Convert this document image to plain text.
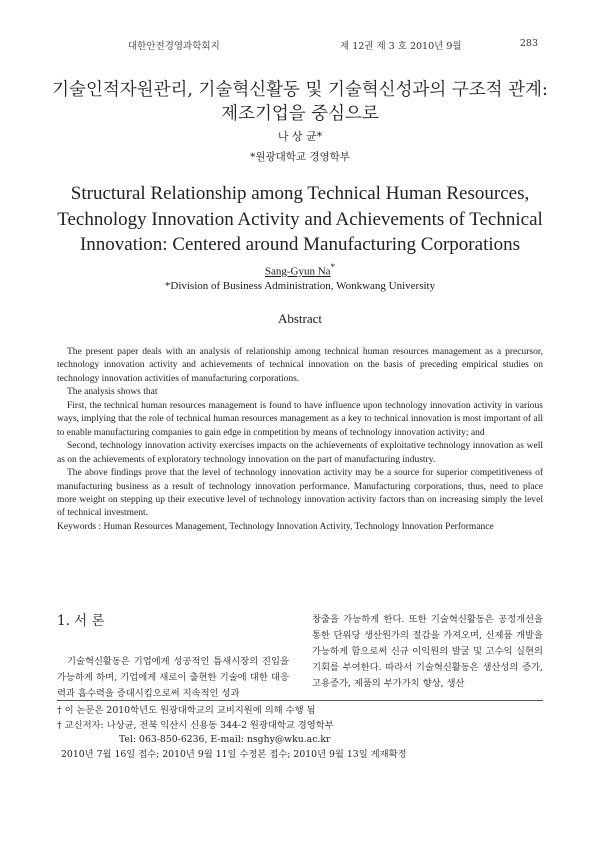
대한안전경영과학회지	제 12권 제 3 호 2010년 9월	283
기술인적자원관리, 기술혁신활동 및 기술혁신성과의 구조적 관계:
제조기업을 중심으로
나 상 균*
*원광대학교 경영학부
Structural Relationship among Technical Human Resources,
Technology Innovation Activity and Achievements of Technical
Innovation: Centered around Manufacturing Corporations
Sang-Gyun Na*
*Division of Business Administration, Wonkwang University
Abstract

The present paper deals with an analysis of relationship among technical human resources management as a precursor, technology innovation activity and achievements of technical innovation on the basis of preceding empirical studies on technology innovation activities of manufacturing corporations.

The analysis shows that

First, the technical human resources management is found to have influence upon technology innovation activity in various ways, implying that the role of technical human resources management as a key to technical innovation is most important of all to enable manufacturing companies to gain edge in competition by means of technology innovation activity; and

Second, technology innovation activity exercises impacts on the achievements of exploitative technology innovation as well as on the achievements of exploratory technology innovation on the part of manufacturing industry.

The above findings prove that the level of technology innovation activity may be a source for superior competitiveness of manufacturing business as a result of technology innovation performance. Manufacturing corporations, thus, need to place more weight on stepping up their executive level of technology innovation activity factors than on increasing simply the level of technical investment.

Keywords : Human Resources Management, Technology Innovation Activity, Technology Innovation Performance

1. 서 론

기술혁신활동은 기업에게 성공적인 틈새시장의 진입을 가능하게 하며, 기업에게 새로이 출현한 기술에 대한 대응력과 흡수력을 증대시킴으로써 지속적인 성과

창출을 가능하게 한다. 또한 기술혁신활동은 공정개선을 통한 단위당 생산원가의 절감을 가져오며, 신제품 개발을 가능하게 함으로써 신규 이익원의 발굴 및 고수익 실현의 기회를 부여한다. 따라서 기술혁신활동은 생산성의 증가, 고용증가, 제품의 부가가치 향상, 생산

† 이 논문은 2010학년도 원광대학교의 교비지원에 의해 수행 됨
† 교신저자: 나상균, 전북 익산시 신용동 344-2 원광대학교 경영학부
Tel: 063-850-6236, E-mail: nsghy@wku.ac.kr
2010년 7월 16일 접수; 2010년 9월 11일 수정본 접수; 2010년 9월 13일 게재확정
